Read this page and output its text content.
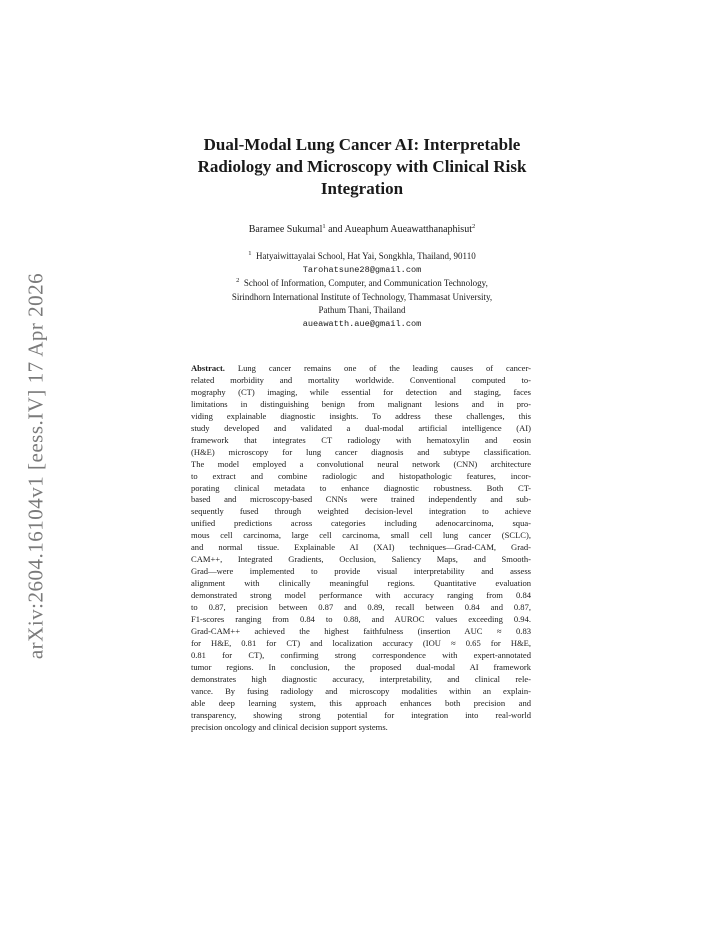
arXiv:2604.16104v1 [eess.IV] 17 Apr 2026
Dual-Modal Lung Cancer AI: Interpretable
Radiology and Microscopy with Clinical Risk
Integration
Baramee Sukumal$^1$ and Aueaphum Aueawatthanaphisut$^2$
$^1$ Hatyaiwittayalai School, Hat Yai, Songkhla, Thailand, 90110
Tarohatsune28@gmail.com
$^2$ School of Information, Computer, and Communication Technology,
Sirindhorn International Institute of Technology, Thammasat University,
Pathum Thani, Thailand
aueawatth.aue@gmail.com
Abstract. Lung cancer remains one of the leading causes of cancer-
related morbidity and mortality worldwide. Conventional computed to-
mography (CT) imaging, while essential for detection and staging, faces
limitations in distinguishing benign from malignant lesions and in pro-
viding explainable diagnostic insights. To address these challenges, this
study developed and validated a dual-modal artificial intelligence (AI)
framework that integrates CT radiology with hematoxylin and eosin
(H&E) microscopy for lung cancer diagnosis and subtype classification.
The model employed a convolutional neural network (CNN) architecture
to extract and combine radiologic and histopathologic features, incor-
porating clinical metadata to enhance diagnostic robustness. Both CT-
based and microscopy-based CNNs were trained independently and sub-
sequently fused through weighted decision-level integration to achieve
unified predictions across categories including adenocarcinoma, squa-
mous cell carcinoma, large cell carcinoma, small cell lung cancer (SCLC),
and normal tissue. Explainable AI (XAI) techniques—Grad-CAM, Grad-
CAM++, Integrated Gradients, Occlusion, Saliency Maps, and Smooth-
Grad—were implemented to provide visual interpretability and assess
alignment with clinically meaningful regions. Quantitative evaluation
demonstrated strong model performance with accuracy ranging from 0.84
to 0.87, precision between 0.87 and 0.89, recall between 0.84 and 0.87,
F1-scores ranging from 0.84 to 0.88, and AUROC values exceeding 0.94.
Grad-CAM++ achieved the highest faithfulness (insertion AUC ≈ 0.83
for H&E, 0.81 for CT) and localization accuracy (IOU ≈ 0.65 for H&E,
0.81 for CT), confirming strong correspondence with expert-annotated
tumor regions. In conclusion, the proposed dual-modal AI framework
demonstrates high diagnostic accuracy, interpretability, and clinical rele-
vance. By fusing radiology and microscopy modalities within an explain-
able deep learning system, this approach enhances both precision and
transparency, showing strong potential for integration into real-world
precision oncology and clinical decision support systems.
